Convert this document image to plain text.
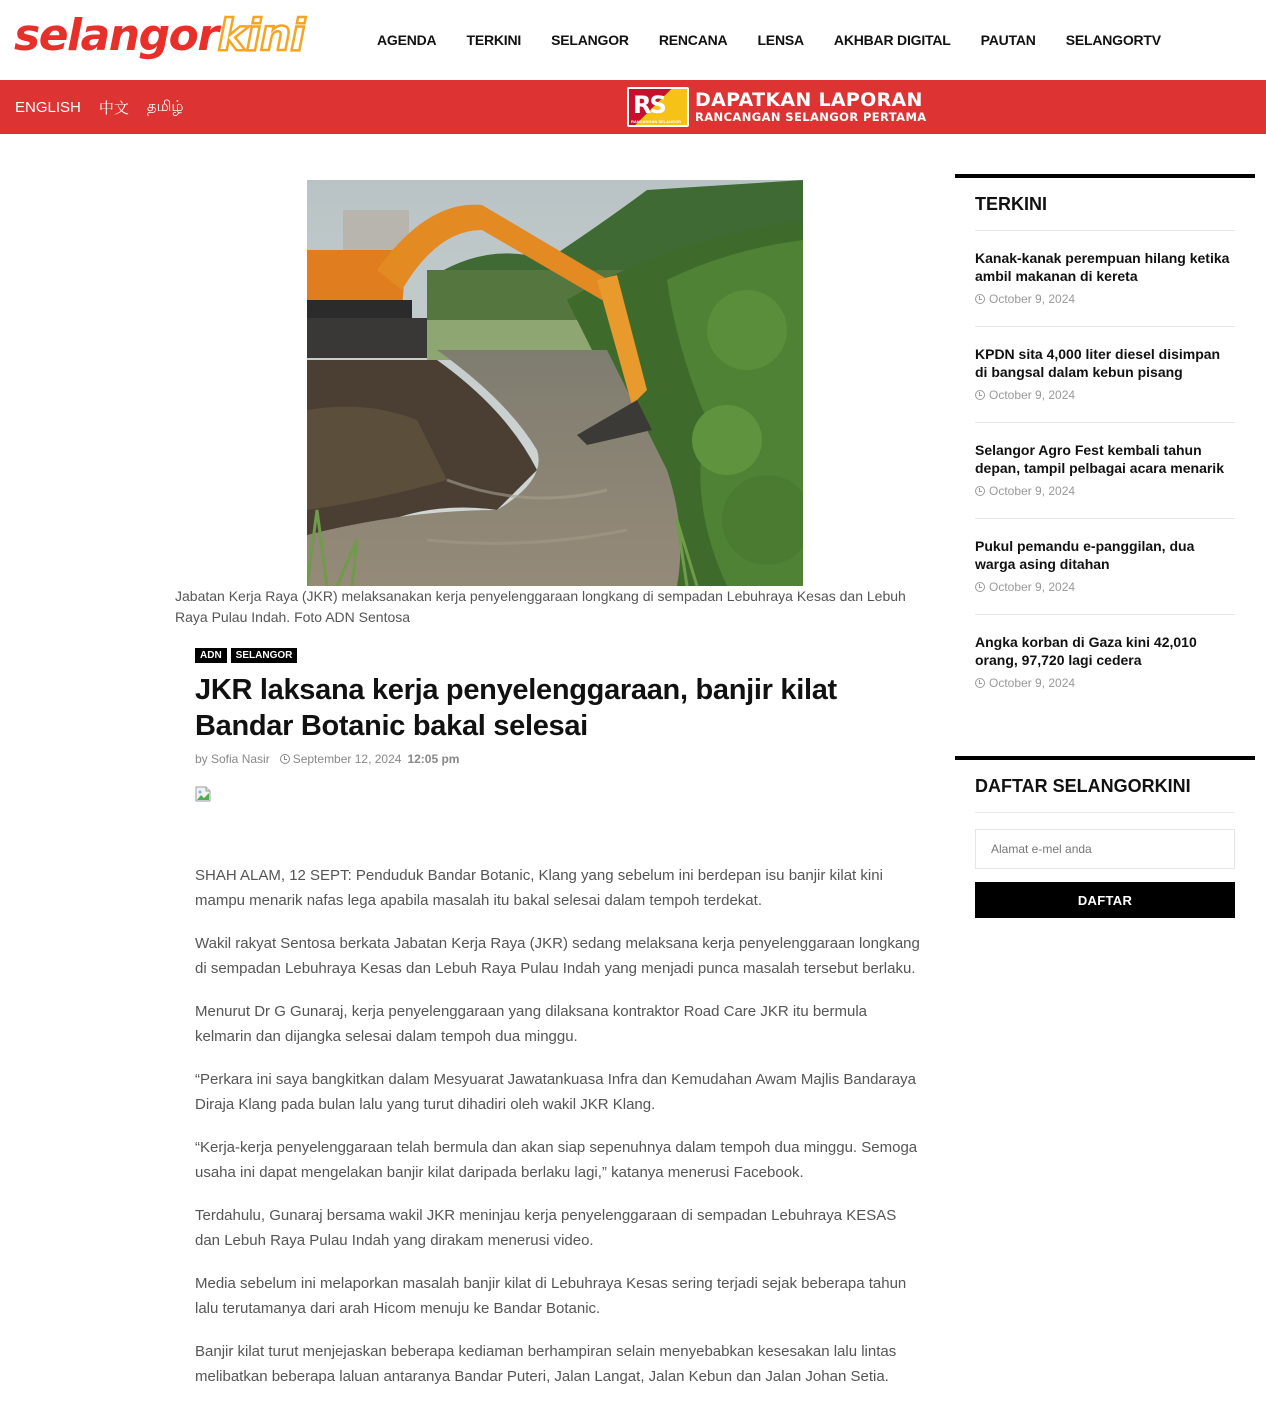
selangor kini	AGENDA	TERKINI	SELANGOR	RENCANA	LENSA	AKHBAR DIGITAL	PAUTAN	SELANGORTV
ENGLISH 中文 தமிழ்	RS
RANCANGAN SELANGOR
DAPATKAN LAPORAN
RANCANGAN SELANGOR PERTAMA
Jabatan Kerja Raya (JKR) melaksanakan kerja penyelenggaraan longkang di sempadan Lebuhraya Kesas dan Lebuh Raya Pulau Indah. Foto ADN Sentosa
ADN	SELANGOR
JKR laksana kerja penyelenggaraan, banjir kilat Bandar Botanic bakal selesai
by Sofia Nasir September 12, 2024 12:05 pm

SHAH ALAM, 12 SEPT: Penduduk Bandar Botanic, Klang yang sebelum ini berdepan isu banjir kilat kini mampu menarik nafas lega apabila masalah itu bakal selesai dalam tempoh terdekat.

Wakil rakyat Sentosa berkata Jabatan Kerja Raya (JKR) sedang melaksana kerja penyelenggaraan longkang di sempadan Lebuhraya Kesas dan Lebuh Raya Pulau Indah yang menjadi punca masalah tersebut berlaku.

Menurut Dr G Gunaraj, kerja penyelenggaraan yang dilaksana kontraktor Road Care JKR itu bermula kelmarin dan dijangka selesai dalam tempoh dua minggu.

“Perkara ini saya bangkitkan dalam Mesyuarat Jawatankuasa Infra dan Kemudahan Awam Majlis Bandaraya Diraja Klang pada bulan lalu yang turut dihadiri oleh wakil JKR Klang.

“Kerja-kerja penyelenggaraan telah bermula dan akan siap sepenuhnya dalam tempoh dua minggu. Semoga usaha ini dapat mengelakan banjir kilat daripada berlaku lagi,” katanya menerusi Facebook.

Terdahulu, Gunaraj bersama wakil JKR meninjau kerja penyelenggaraan di sempadan Lebuhraya KESAS dan Lebuh Raya Pulau Indah yang dirakam menerusi video.

Media sebelum ini melaporkan masalah banjir kilat di Lebuhraya Kesas sering terjadi sejak beberapa tahun lalu terutamanya dari arah Hicom menuju ke Bandar Botanic.

Banjir kilat turut menjejaskan beberapa kediaman berhampiran selain menyebabkan kesesakan lalu lintas melibatkan beberapa laluan antaranya Bandar Puteri, Jalan Langat, Jalan Kebun dan Jalan Johan Setia.

TERKINI
Kanak-kanak perempuan hilang ketika ambil makanan di kereta
October 9, 2024
KPDN sita 4,000 liter diesel disimpan di bangsal dalam kebun pisang
October 9, 2024
Selangor Agro Fest kembali tahun depan, tampil pelbagai acara menarik
October 9, 2024
Pukul pemandu e-panggilan, dua warga asing ditahan
October 9, 2024
Angka korban di Gaza kini 42,010 orang, 97,720 lagi cedera
October 9, 2024
DAFTAR SELANGORKINI
Alamat e-mel anda DAFTAR
